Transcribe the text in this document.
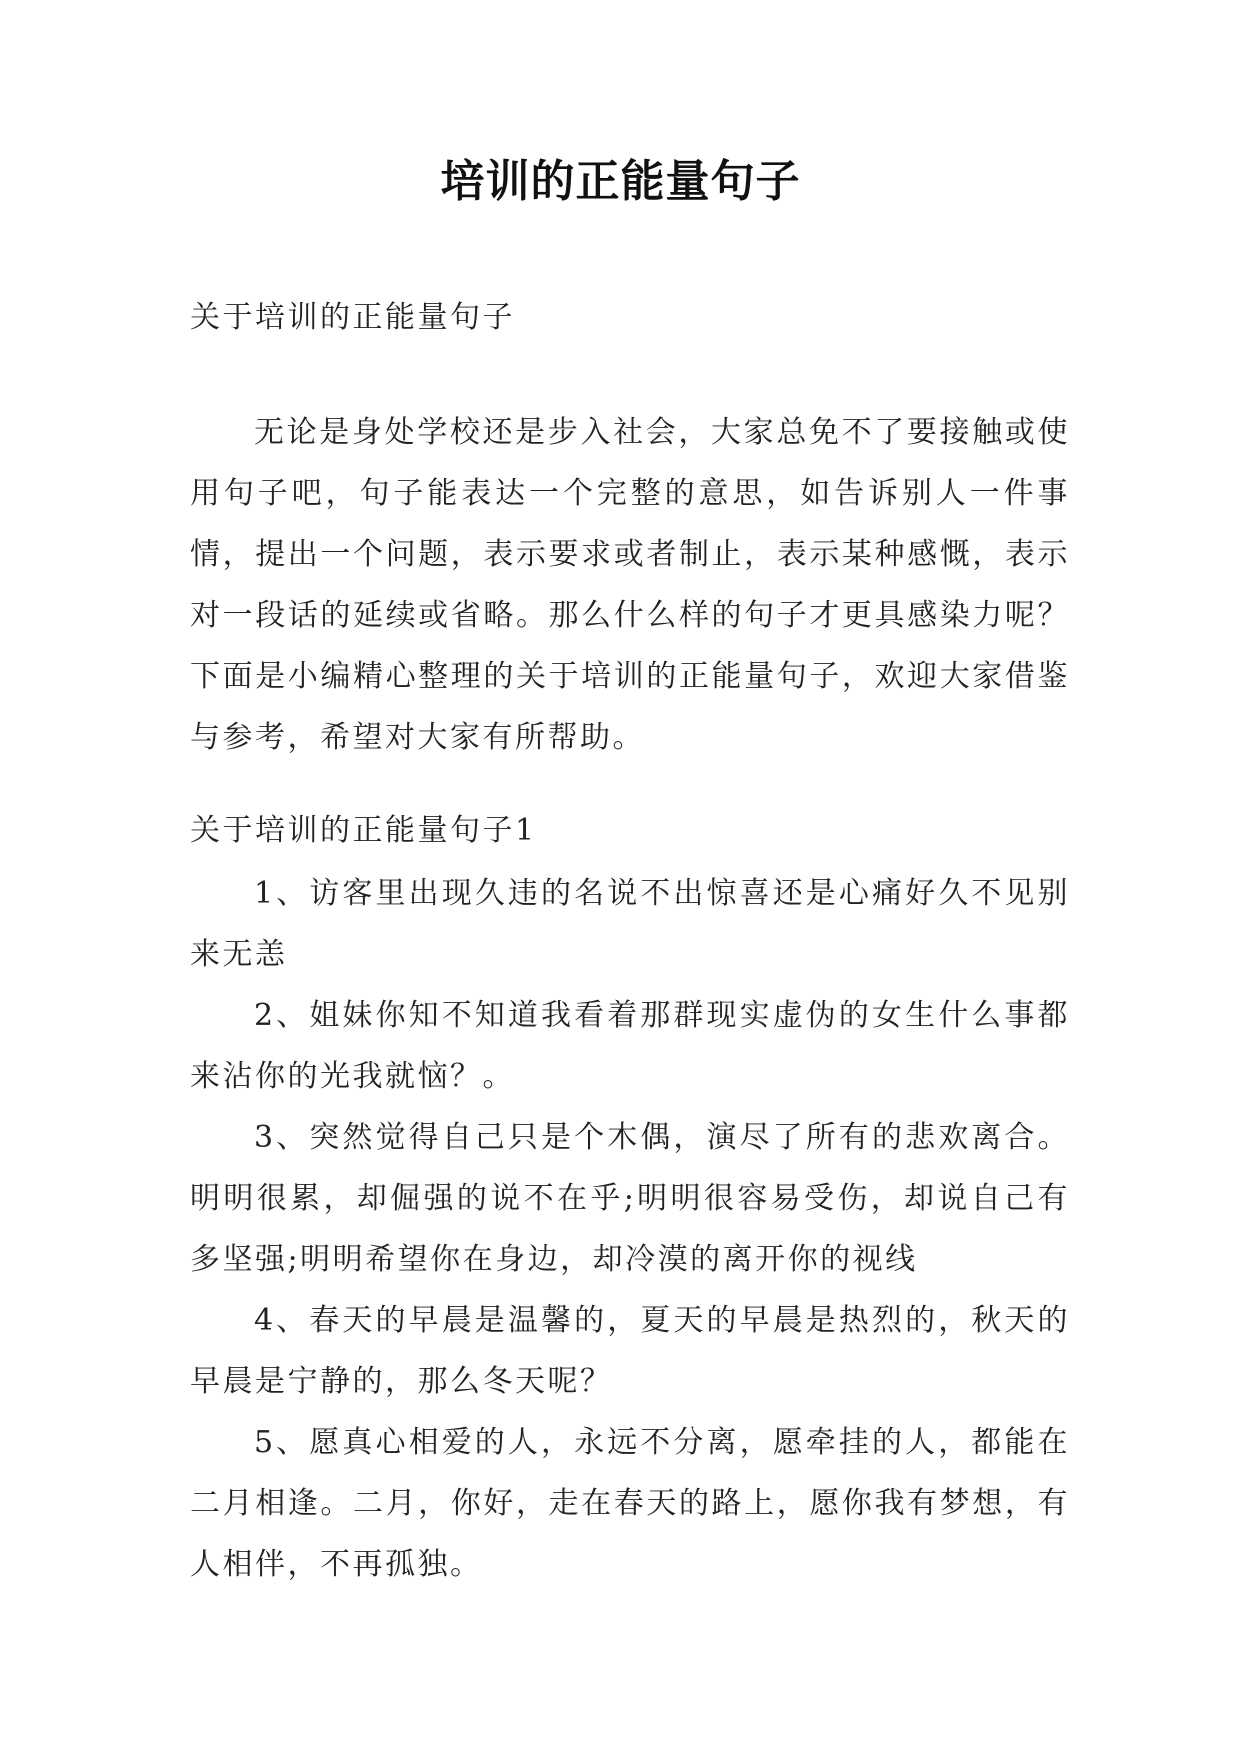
培训的正能量句子
关于培训的正能量句子
无论是身处学校还是步入社会，大家总免不了要接触或使用句子吧，句子能表达一个完整的意思，如告诉别人一件事情，提出一个问题，表示要求或者制止，表示某种感慨，表示对一段话的延续或省略。那么什么样的句子才更具感染力呢？下面是小编精心整理的关于培训的正能量句子，欢迎大家借鉴与参考，希望对大家有所帮助。
关于培训的正能量句子1
1、访客里出现久违的名说不出惊喜还是心痛好久不见别来无恙
2、姐妹你知不知道我看着那群现实虚伪的女生什么事都来沾你的光我就恼？。
3、突然觉得自己只是个木偶，演尽了所有的悲欢离合。明明很累，却倔强的说不在乎;明明很容易受伤，却说自己有多坚强;明明希望你在身边，却冷漠的离开你的视线
4、春天的早晨是温馨的，夏天的早晨是热烈的，秋天的早晨是宁静的，那么冬天呢？
5、愿真心相爱的人，永远不分离，愿牵挂的人，都能在二月相逢。二月，你好，走在春天的路上，愿你我有梦想，有人相伴，不再孤独。
